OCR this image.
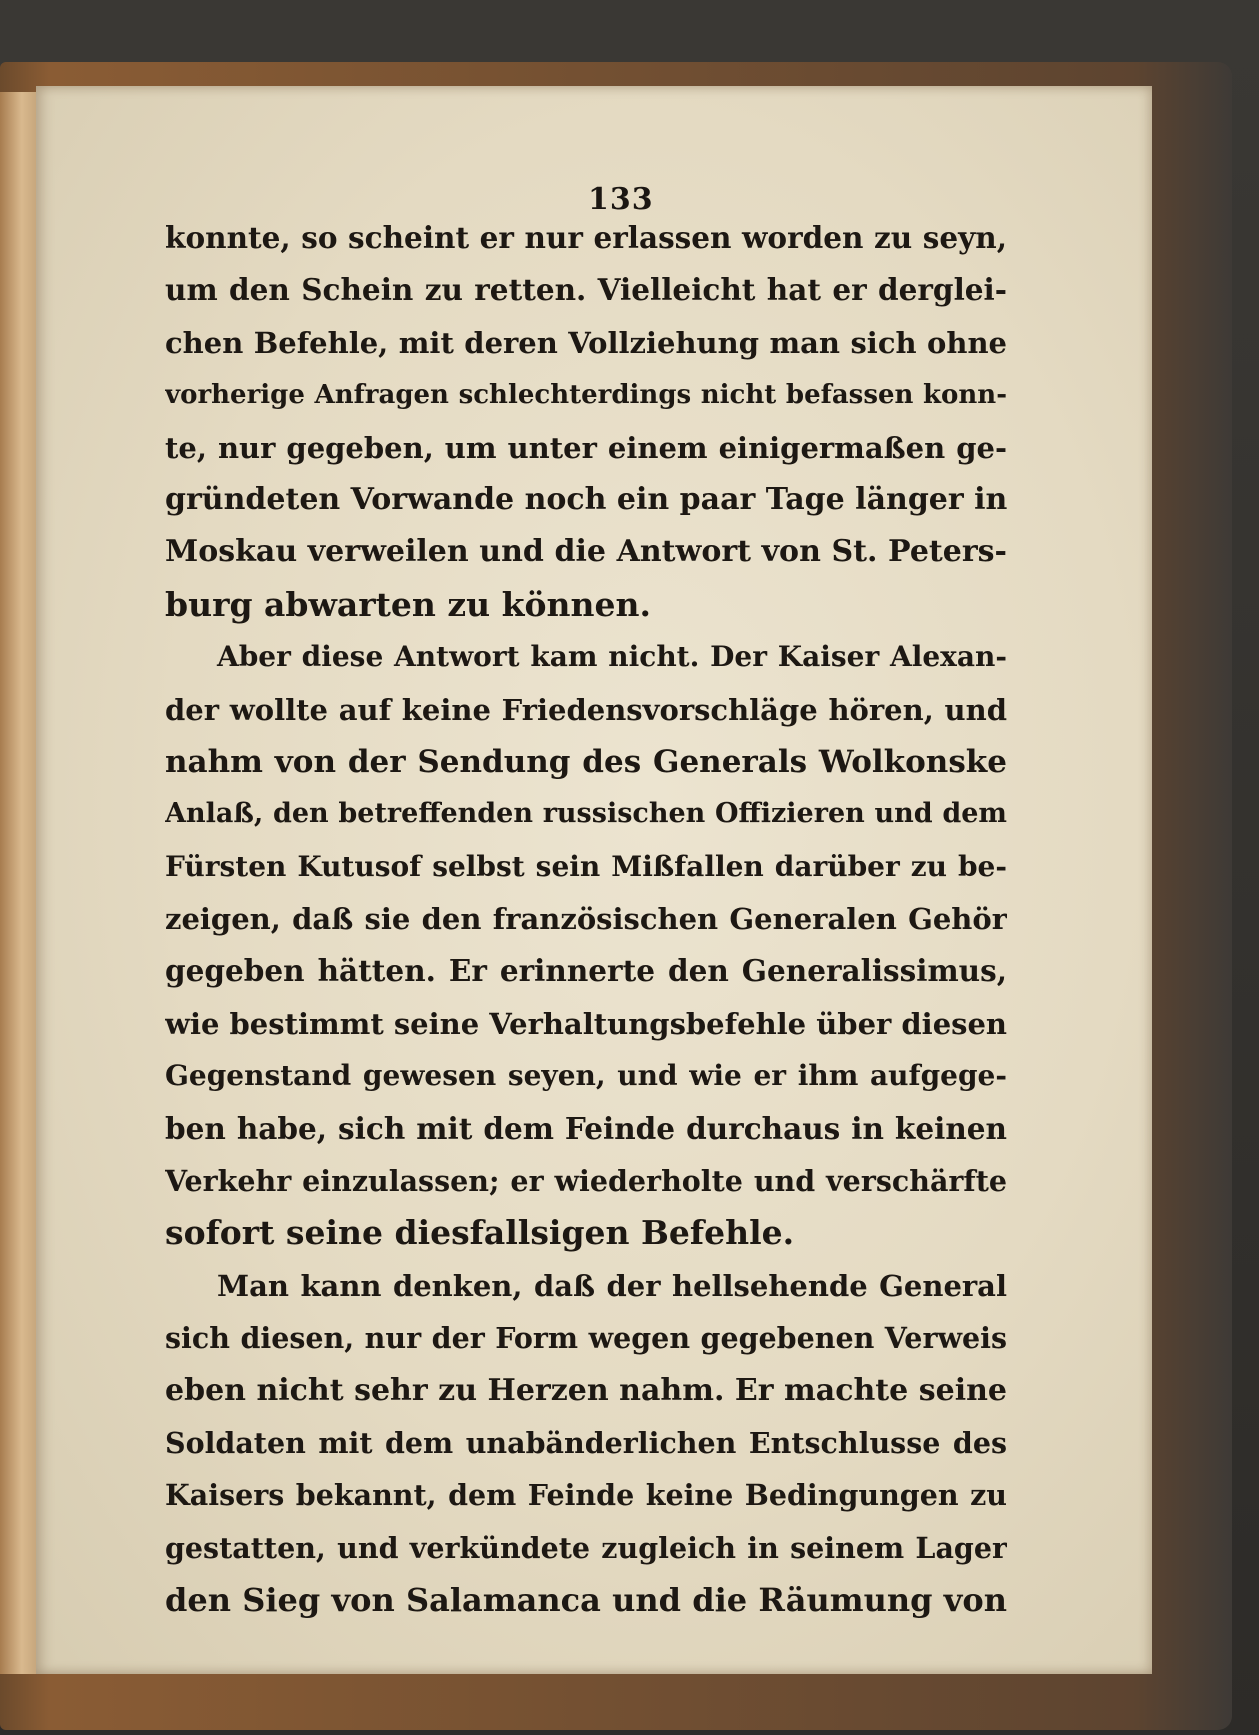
133
konnte, so scheint er nur erlassen worden zu seyn,
um den Schein zu retten. Vielleicht hat er derglei-
chen Befehle, mit deren Vollziehung man sich ohne
vorherige Anfragen schlechterdings nicht befassen konn-
te, nur gegeben, um unter einem einigermaßen ge-
gründeten Vorwande noch ein paar Tage länger in
Moskau verweilen und die Antwort von St. Peters-
burg abwarten zu können.
Aber diese Antwort kam nicht. Der Kaiser Alexan-
der wollte auf keine Friedensvorschläge hören, und
nahm von der Sendung des Generals Wolkonske
Anlaß, den betreffenden russischen Offizieren und dem
Fürsten Kutusof selbst sein Mißfallen darüber zu be-
zeigen, daß sie den französischen Generalen Gehör
gegeben hätten. Er erinnerte den Generalissimus,
wie bestimmt seine Verhaltungsbefehle über diesen
Gegenstand gewesen seyen, und wie er ihm aufgege-
ben habe, sich mit dem Feinde durchaus in keinen
Verkehr einzulassen; er wiederholte und verschärfte
sofort seine diesfallsigen Befehle.
Man kann denken, daß der hellsehende General
sich diesen, nur der Form wegen gegebenen Verweis
eben nicht sehr zu Herzen nahm. Er machte seine
Soldaten mit dem unabänderlichen Entschlusse des
Kaisers bekannt, dem Feinde keine Bedingungen zu
gestatten, und verkündete zugleich in seinem Lager
den Sieg von Salamanca und die Räumung von
